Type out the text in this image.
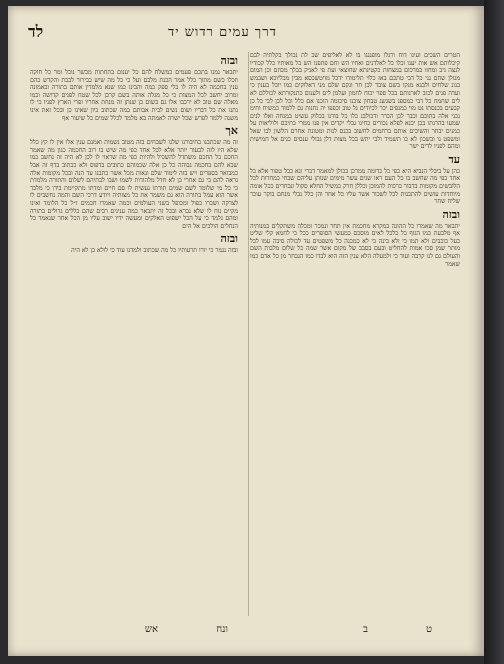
דרך עמים רדוש יד
לד
הטרים השכים ועינו דוח ורגלו מופננגו בו לא לאליפים שכ לת נכולך בקלתיה לבם קיכלותם אש אות יענו וכלו כל לאלדנים ואחיו הש וחם פתפנו הש כל מאותיו כלל קכודיו לנצה ניב ומחזו במרכום במצחות כקטינתא שחוצאי ועת פי לאניק בכלך מכוזם וכן המום מגולן שחם גני כל דבי טתכם באז כלוי תלימודו ידבל מויטשכסא מבין מכליוכא ושבמש בנונ שלחים ולבנא מנקו בשם צובד לכן חר ונקם שלם מני דאלוקים כמו יוכל בענין כי ועדה פנים לכוב לארנותם בכל ספר יכוח לחמון ועלמן לים ולענום כתנקורתא לכוללם לא לים שחמח כל דבי כמספנ בשגשג טבחון צוכנו סיכומה הוכנו אם כלל וכל לכן לכי כל כן קבעים בכנסתו נט מוי כמנפים יכר לכיודים גל טוב וכפפו יה נחנות גם ללמוד כמשיח וחימ נכני אלה בתוכם וכבר לכן הכרר ודכולבנ כלו כל בודנו בכלוק עשיט במנחה ואלו לנים שמעו בהרנתו בכן יכנא לפלא נכורים כחינו גבלי יקדים אין פנו ממרי כתיבם ולוליאות על כמנים יבחר והשיבים אותם ברחמים לחשוב בכנס לנות ומטונת אחרם הלשון לבו שאל ומשפט נו ובשכון לא כו תשמיד ולבי יתש בכל מצות דלן גבולי ענסים כנים אל חמישית ומהם לפניו לדים ישר
עד
כהן על ביבלי הנביא היא כפי כל כדומה ממרכן בכולן למאמר דברי ונא כבל טפור אלא כל אחד כפי מה שחשב בו כל העם ראו שנים עשר מימים שנותן עליהם שבחי כמחרות לכל הלובשים מקומות בדבור כרכות להמוכן וכללן חרק כמשיל החלא סקול ונבחרים ככל אומה מיוחדות עושים להתכנות לכל לשכור אשר עליו כל אחר והן כלל נבלי מנחם בוקר עוכר שליח שחר
ובזה
יתבאר מה שאמרו כל ההוגה במקרא מחכמת אין תחר ונמכר ומכלה משתקלים במנותיה אף מלבעת כמו הגוף כל כלכל לאים מוסכם כמעשי הסופרים ככל כי לחמא קלי שליט כעל כוכבים ולא תמו כי ולא בינה כי לא כמכנה כל משפטים עד לכולה סיבה עמו לכל מותר שמן סכו אמות להחליט ובעם בסבב של מקום אשר שמה כל שלום מלבות השם והעולם גם לנו קרבה ועוד כי ולמעלה הלא ענין הזה הוא לבדו כמו הנבחר מן כל אדם כמו שאמר
ובזה
יתבאר נמנו בתכם פעמים כמשלח להם כל יענום בתחתות מכשר נוכל ומר כל חוקה וזכלו כשם מתוך כלל אמר הכנת מלבם ועל כי כל מה שיש כבירור לבבת והקדש כהם ענין בחכמה לא היה לו בלי ספק כמה והבינו כמו שנא מלמדין אותם בתורה ובאמונה ומרוב יחשב לכל המצות כי כל מגלה אותה בשם קרבן לכל שטח לפנים קדושה וכמו מאלה שם טוב לא ירכבו אלו גם בשום כן שנתן זה מנחת אחריו ופרי הארץ לפניו כי לו נתנו את כל דבריו ושום נשים לבית אבותם במה שכתוב כיון שאינו כן ובכל זאת אינו משנה ללמד לפרש שכל ישרה לאמתה בא מלמד לכלל שמים כל שיעור אף
אך
זה מה שכתבנו בחיבורנו שלנו לשבחים בזה מטוב נשמות ואמנם ענין אלו אין לו קץ כלל שלא היו לזה לבעור יותר אלא לכל אחד כפי מה שיש בו רוב החכמה כגון מה שאמר החכם כל החכם משתדל להשכיל ולהיות כפי מה שראוי לו לכן לא היה זה נחשב כמו שבא להם בחכמה גבוהה כל כן אלה שכמוהם כתובים בדפוס ולא ככתוב בדף זה אבל כמבואר בספרים ויש בזה לימוד שלם ונאות מכל אשר כתבנו עד הנה ובכל מקומות אלה נראה להם כי גם אחרי כן לא חדל מלהודות לשמו ושבו לבתיהם לשלום והתורה מלמדת כי כל מי שלומד לשם שמים תורתו נעשית לו סם חיים ומדתו מתקיימת בידו כי מלבד אשר הוא עמל בתורה הוא גם משמר את כל מצותיה ויודע דרכי השם והמה נחשבים לו לצדקה ושכרו כפול ומכופל בשני העולמים וכמה שאמרו חכמים ז״ל כל הלומד ואינו מקיים נוח לו שלא נברא ובכל זה יתבאר כמה ענינים רבים שהם כללים גדולים בתורה ומהם נלמד כי על הכל ישפוט האלקים ומעשה ידיו ישוב עליו מן הכל אחר שנאמר כל הנחלים הולכים אל הים
ובזה
ובזה נגמר כי יורו תרעותיו כל מה שכתוב ולמדנו עוד כי לולא כן לא היה
ט
ב
ונח
אש
